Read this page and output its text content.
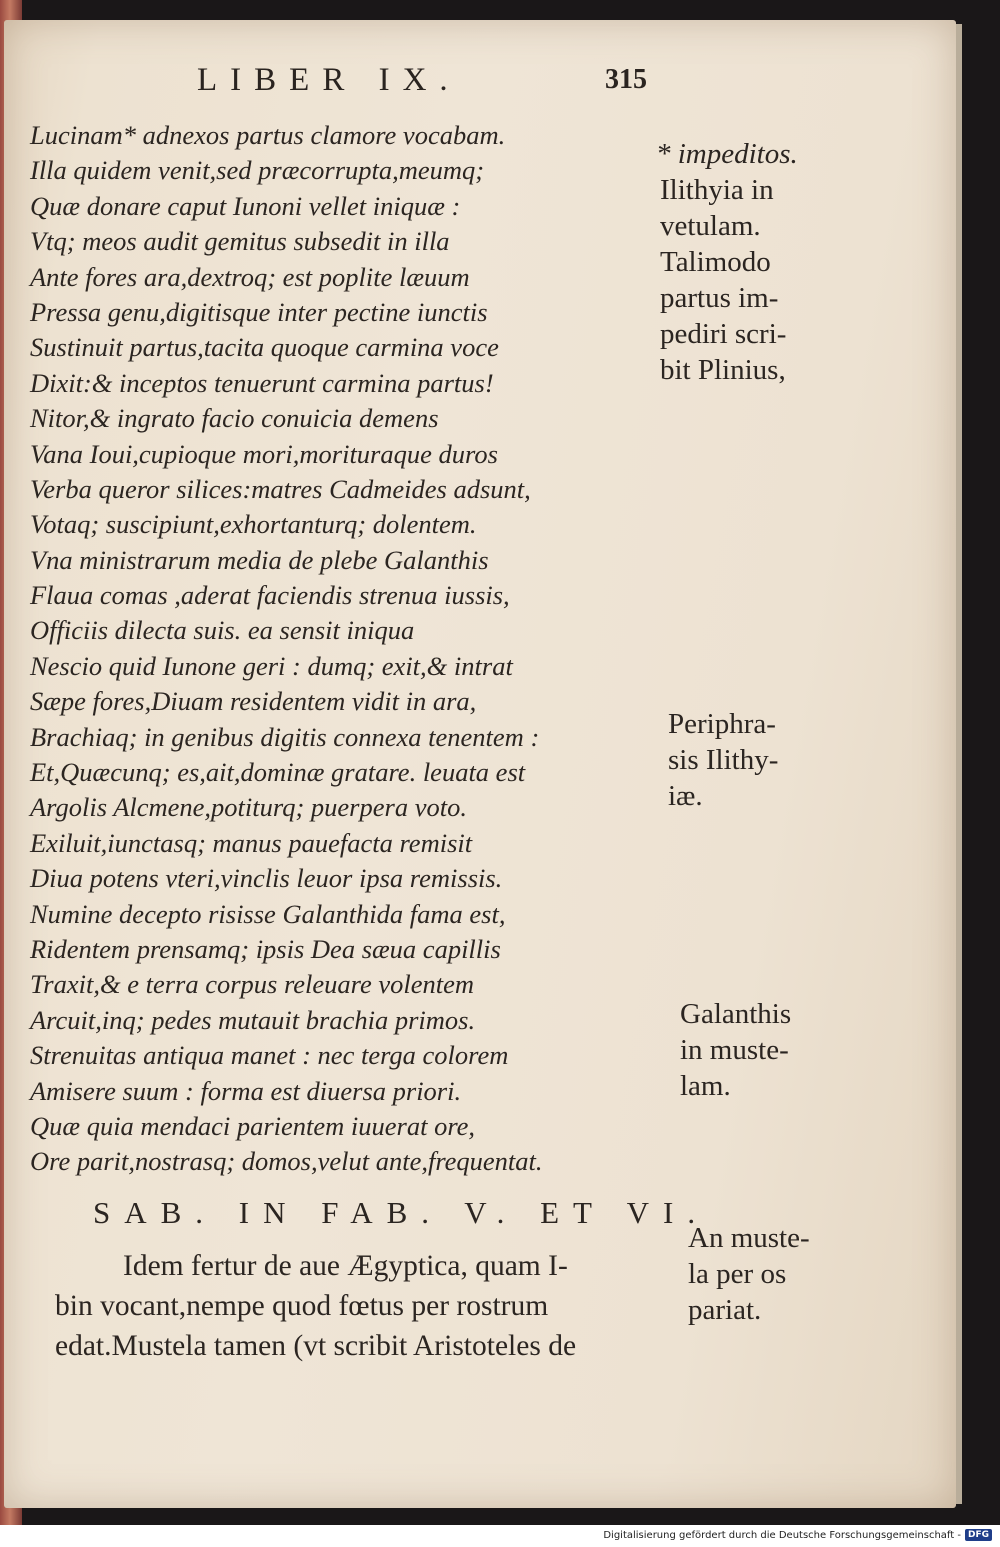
LIBER IX.	315
Lucinam* adnexos partus clamore vocabam.
Illa quidem venit,sed præcorrupta,meumq;
Quæ donare caput Iunoni vellet iniquæ :
Vtq; meos audit gemitus subsedit in illa
Ante fores ara,dextroq; est poplite læuum
Pressa genu,digitisque inter pectine iunctis
Sustinuit partus,tacita quoque carmina voce
Dixit:& inceptos tenuerunt carmina partus!
Nitor,& ingrato facio conuicia demens
Vana Ioui,cupioque mori,morituraque duros
Verba queror silices:matres Cadmeides adsunt,
Votaq; suscipiunt,exhortanturq; dolentem.
Vna ministrarum media de plebe Galanthis
Flaua comas ,aderat faciendis strenua iussis,
Officiis dilecta suis. ea sensit iniqua
Nescio quid Iunone geri : dumq; exit,& intrat
Sæpe fores,Diuam residentem vidit in ara,
Brachiaq; in genibus digitis connexa tenentem :
Et,Quæcunq; es,ait,dominæ gratare. leuata est
Argolis Alcmene,potiturq; puerpera voto.
Exiluit,iunctasq; manus pauefacta remisit
Diua potens vteri,vinclis leuor ipsa remissis.
Numine decepto risisse Galanthida fama est,
Ridentem prensamq; ipsis Dea sæua capillis
Traxit,& e terra corpus releuare volentem
Arcuit,inq; pedes mutauit brachia primos.
Strenuitas antiqua manet : nec terga colorem
Amisere suum : forma est diuersa priori.
Quæ quia mendaci parientem iuuerat ore,
Ore parit,nostrasq; domos,velut ante,frequentat.
SAB. IN FAB. V. ET VI.
Idem fertur de aue Ægyptica, quam I-
bin vocant,nempe quod fœtus per rostrum
edat.Mustela tamen (vt scribit Aristoteles de
* impeditos.
Ilithyia in
vetulam.
Talimodo
partus im-
pediri scri-
bit Plinius,
Periphra-
sis Ilithy-
iæ.
Galanthis
in muste-
lam.
An muste-
la per os
pariat.
Digitalisierung gefördert durch die Deutsche Forschungsgemeinschaft - DFG
